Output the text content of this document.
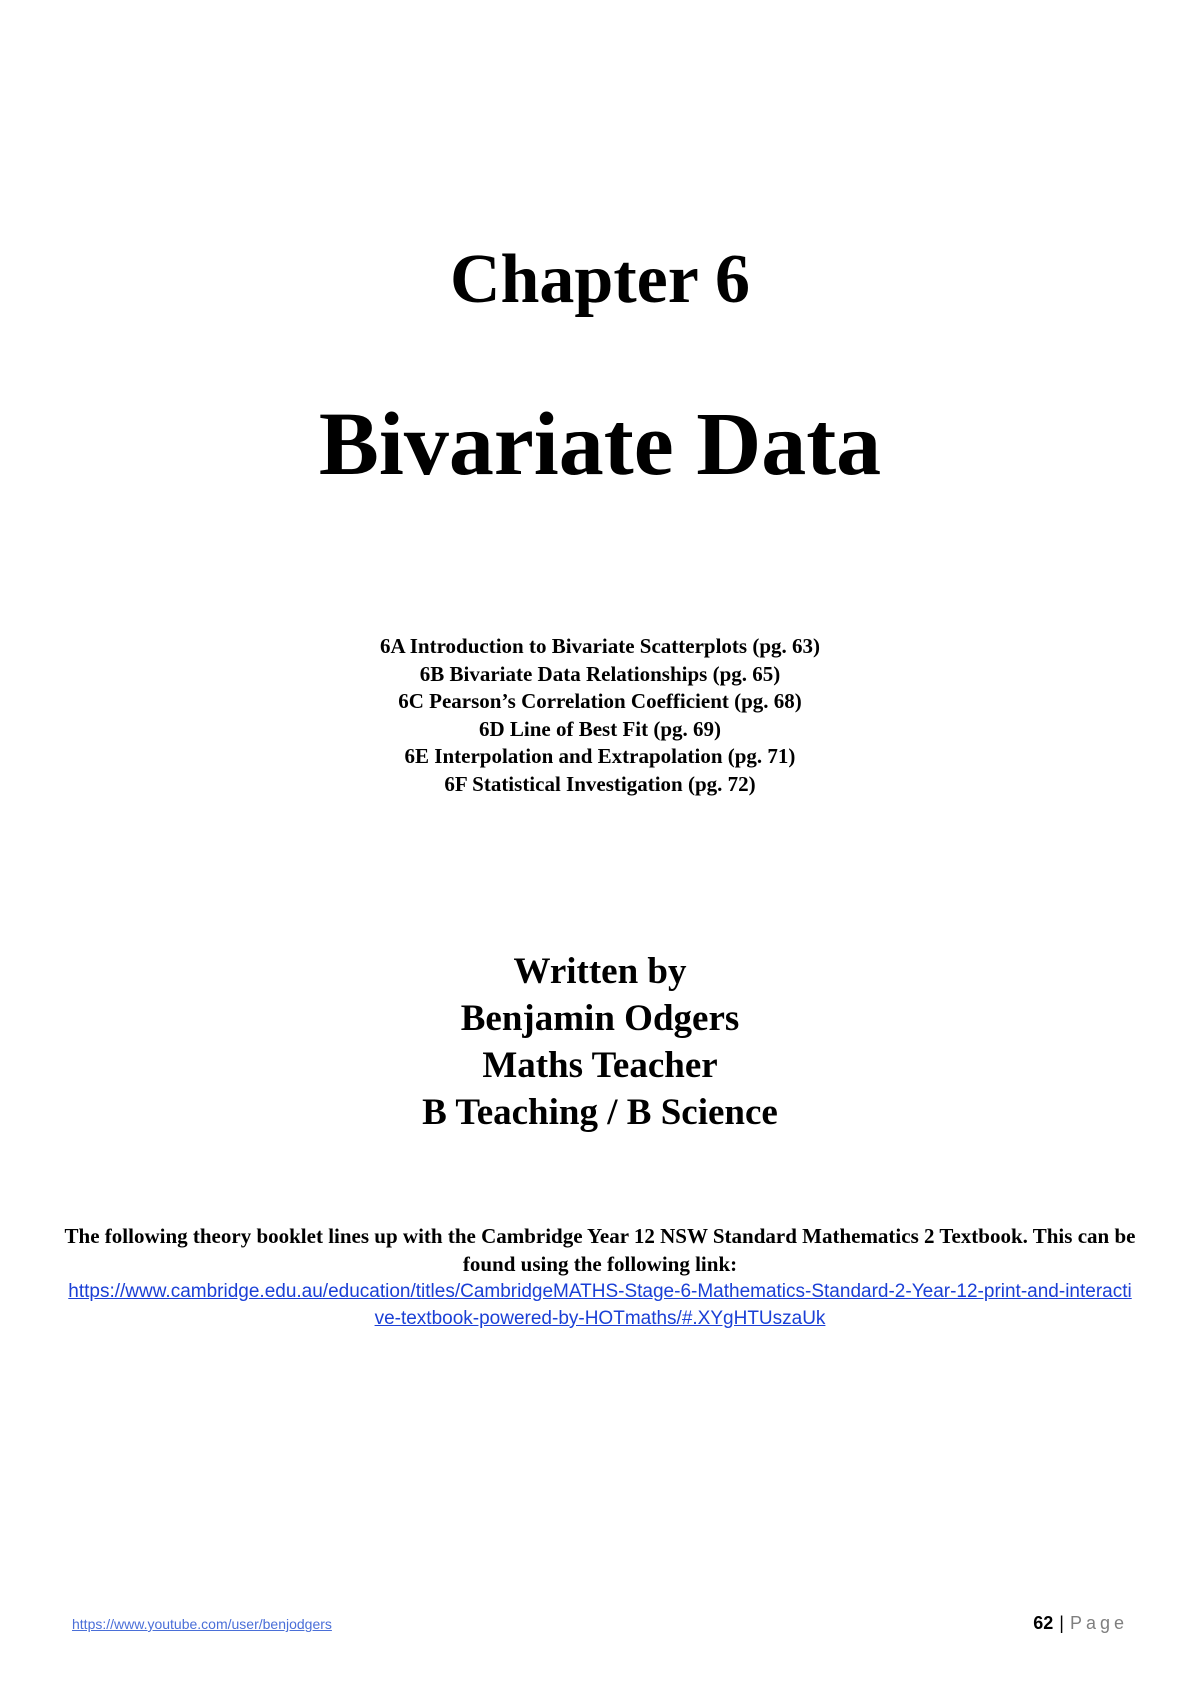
Chapter 6
Bivariate Data
6A Introduction to Bivariate Scatterplots (pg. 63)
6B Bivariate Data Relationships (pg. 65)
6C Pearson’s Correlation Coefficient (pg. 68)
6D Line of Best Fit (pg. 69)
6E Interpolation and Extrapolation (pg. 71)
6F Statistical Investigation (pg. 72)
Written by
Benjamin Odgers
Maths Teacher
B Teaching / B Science
The following theory booklet lines up with the Cambridge Year 12 NSW Standard Mathematics 2 Textbook. This can be found using the following link:
https://www.cambridge.edu.au/education/titles/CambridgeMATHS-Stage-6-Mathematics-Standard-2-Year-12-print-and-interactive-textbook-powered-by-HOTmaths/#.XYgHTUszaUk
https://www.youtube.com/user/benjodgers	62 | Page
